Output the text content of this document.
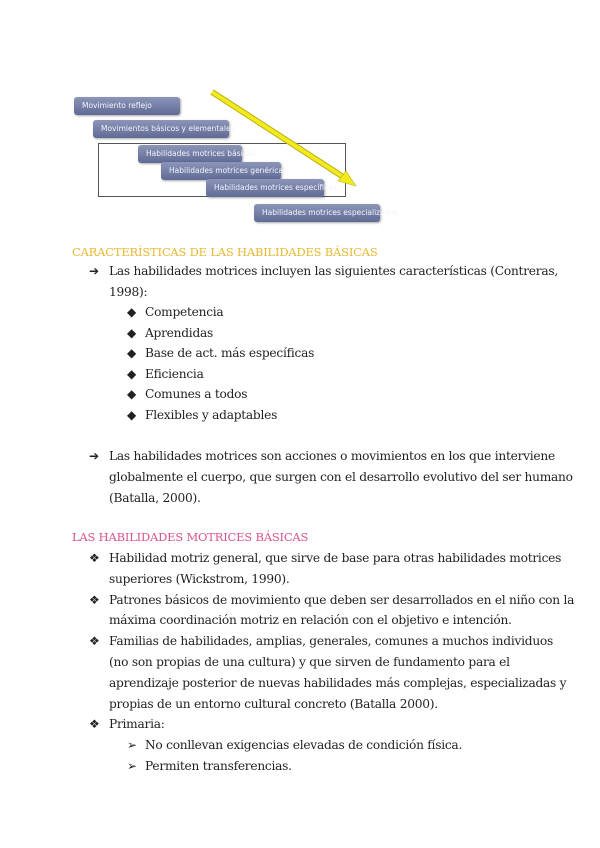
Movimiento reflejo
Movimientos básicos y elementales
Habilidades motrices básicas
Habilidades motrices genéricas
Habilidades motrices específicas
Habilidades motrices especializadas
CARACTERÍSTICAS DE LAS HABILIDADES BÁSICAS
➔ Las habilidades motrices incluyen las siguientes características (Contreras,
1998):
◆ Competencia
◆ Aprendidas
◆ Base de act. más específicas
◆ Eficiencia
◆ Comunes a todos
◆ Flexibles y adaptables
➔ Las habilidades motrices son acciones o movimientos en los que interviene
globalmente el cuerpo, que surgen con el desarrollo evolutivo del ser humano
(Batalla, 2000).
LAS HABILIDADES MOTRICES BÁSICAS
❖ Habilidad motriz general, que sirve de base para otras habilidades motrices
superiores (Wickstrom, 1990).
❖ Patrones básicos de movimiento que deben ser desarrollados en el niño con la
máxima coordinación motriz en relación con el objetivo e intención.
❖ Familias de habilidades, amplias, generales, comunes a muchos individuos
(no son propias de una cultura) y que sirven de fundamento para el
aprendizaje posterior de nuevas habilidades más complejas, especializadas y
propias de un entorno cultural concreto (Batalla 2000).
❖ Primaria:
➢ No conllevan exigencias elevadas de condición física.
➢ Permiten transferencias.
